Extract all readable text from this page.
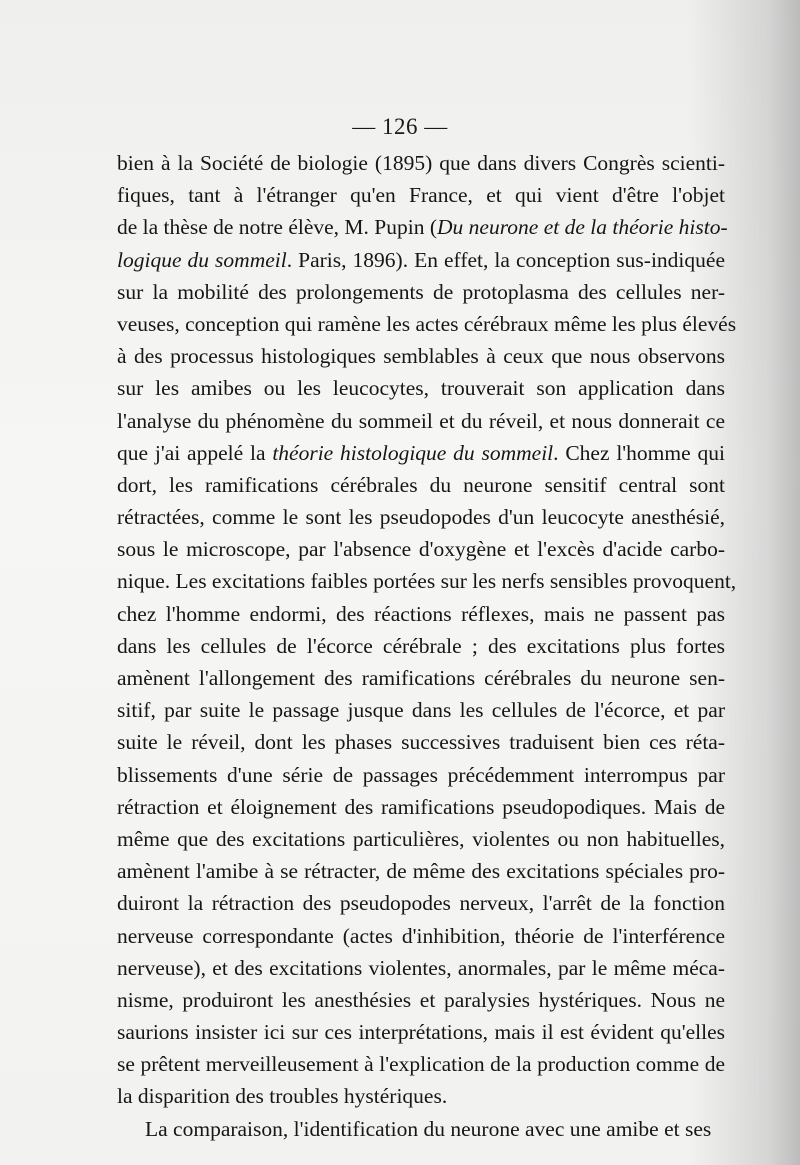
— 126 —
bien à la Société de biologie (1895) que dans divers Congrès scienti-
fiques, tant à l'étranger qu'en France, et qui vient d'être l'objet
de la thèse de notre élève, M. Pupin (Du neurone et de la théorie histo-
logique du sommeil. Paris, 1896). En effet, la conception sus-indiquée
sur la mobilité des prolongements de protoplasma des cellules ner-
veuses, conception qui ramène les actes cérébraux même les plus élevés
à des processus histologiques semblables à ceux que nous observons
sur les amibes ou les leucocytes, trouverait son application dans
l'analyse du phénomène du sommeil et du réveil, et nous donnerait ce
que j'ai appelé la théorie histologique du sommeil. Chez l'homme qui
dort, les ramifications cérébrales du neurone sensitif central sont
rétractées, comme le sont les pseudopodes d'un leucocyte anesthésié,
sous le microscope, par l'absence d'oxygène et l'excès d'acide carbo-
nique. Les excitations faibles portées sur les nerfs sensibles provoquent,
chez l'homme endormi, des réactions réflexes, mais ne passent pas
dans les cellules de l'écorce cérébrale ; des excitations plus fortes
amènent l'allongement des ramifications cérébrales du neurone sen-
sitif, par suite le passage jusque dans les cellules de l'écorce, et par
suite le réveil, dont les phases successives traduisent bien ces réta-
blissements d'une série de passages précédemment interrompus par
rétraction et éloignement des ramifications pseudopodiques. Mais de
même que des excitations particulières, violentes ou non habituelles,
amènent l'amibe à se rétracter, de même des excitations spéciales pro-
duiront la rétraction des pseudopodes nerveux, l'arrêt de la fonction
nerveuse correspondante (actes d'inhibition, théorie de l'interférence
nerveuse), et des excitations violentes, anormales, par le même méca-
nisme, produiront les anesthésies et paralysies hystériques. Nous ne
saurions insister ici sur ces interprétations, mais il est évident qu'elles
se prêtent merveilleusement à l'explication de la production comme de
la disparition des troubles hystériques.
La comparaison, l'identification du neurone avec une amibe et ses
